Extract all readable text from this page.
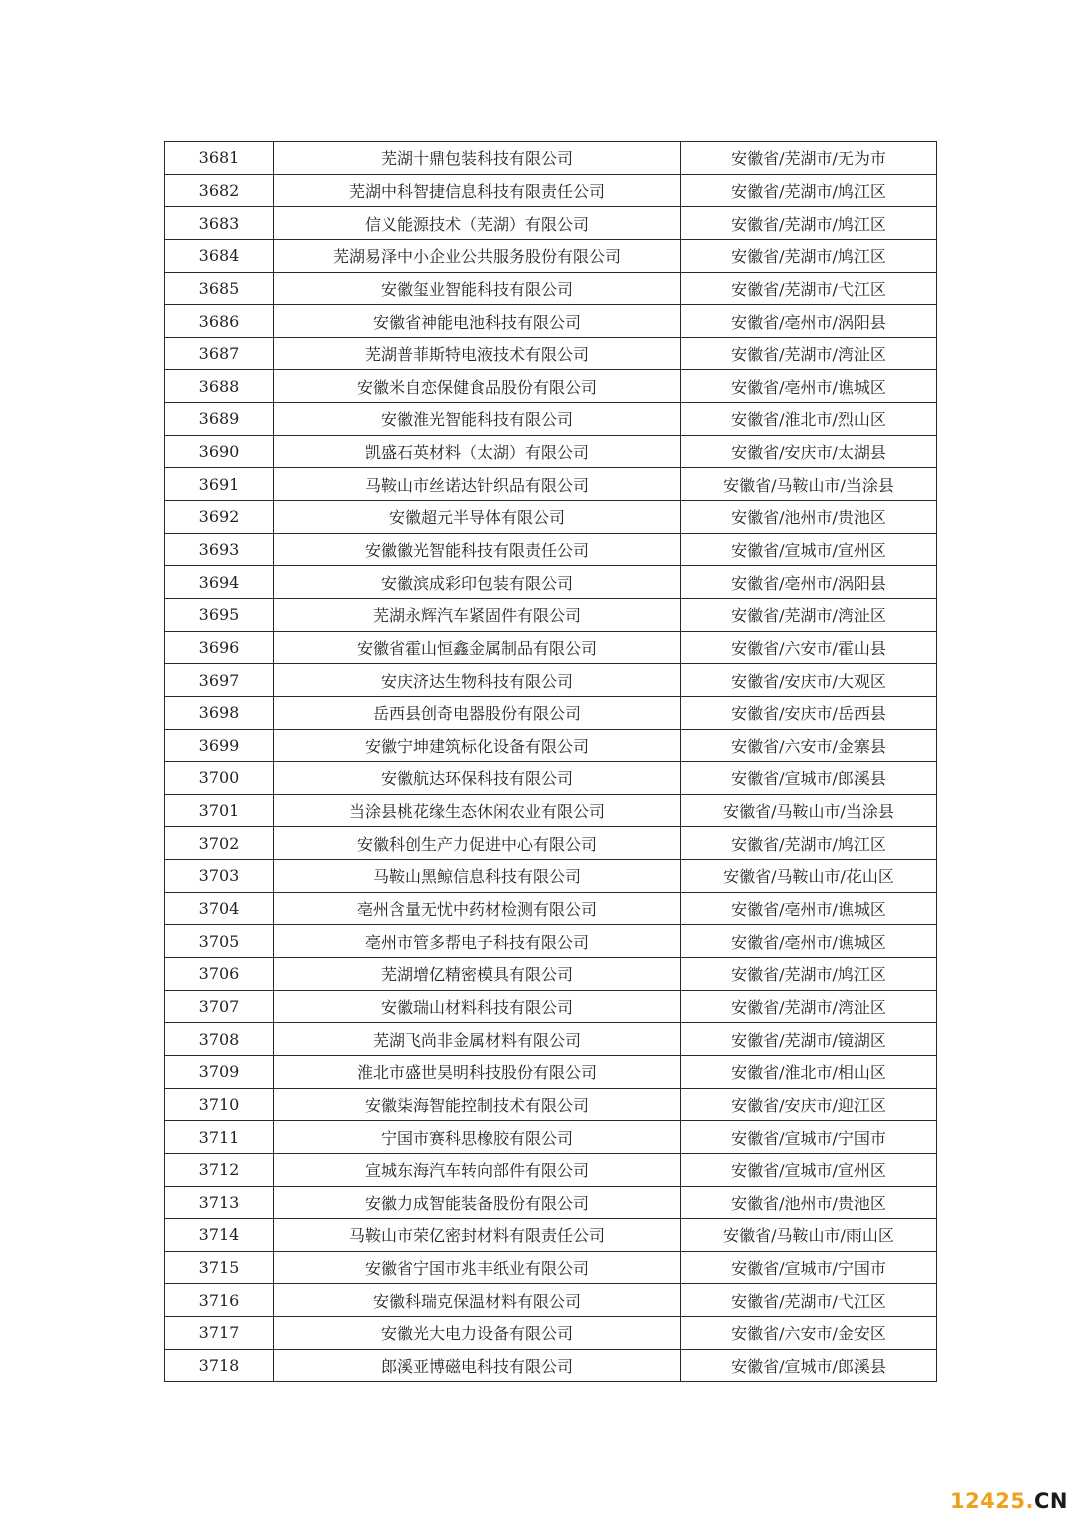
3681	芜湖十鼎包装科技有限公司	安徽省/芜湖市/无为市
3682	芜湖中科智捷信息科技有限责任公司	安徽省/芜湖市/鸠江区
3683	信义能源技术（芜湖）有限公司	安徽省/芜湖市/鸠江区
3684	芜湖易泽中小企业公共服务股份有限公司	安徽省/芜湖市/鸠江区
3685	安徽玺业智能科技有限公司	安徽省/芜湖市/弋江区
3686	安徽省神能电池科技有限公司	安徽省/亳州市/涡阳县
3687	芜湖普菲斯特电液技术有限公司	安徽省/芜湖市/湾沚区
3688	安徽米自恋保健食品股份有限公司	安徽省/亳州市/谯城区
3689	安徽淮光智能科技有限公司	安徽省/淮北市/烈山区
3690	凯盛石英材料（太湖）有限公司	安徽省/安庆市/太湖县
3691	马鞍山市丝诺达针织品有限公司	安徽省/马鞍山市/当涂县
3692	安徽超元半导体有限公司	安徽省/池州市/贵池区
3693	安徽徽光智能科技有限责任公司	安徽省/宣城市/宣州区
3694	安徽滨成彩印包装有限公司	安徽省/亳州市/涡阳县
3695	芜湖永辉汽车紧固件有限公司	安徽省/芜湖市/湾沚区
3696	安徽省霍山恒鑫金属制品有限公司	安徽省/六安市/霍山县
3697	安庆济达生物科技有限公司	安徽省/安庆市/大观区
3698	岳西县创奇电器股份有限公司	安徽省/安庆市/岳西县
3699	安徽宁坤建筑标化设备有限公司	安徽省/六安市/金寨县
3700	安徽航达环保科技有限公司	安徽省/宣城市/郎溪县
3701	当涂县桃花缘生态休闲农业有限公司	安徽省/马鞍山市/当涂县
3702	安徽科创生产力促进中心有限公司	安徽省/芜湖市/鸠江区
3703	马鞍山黑鲸信息科技有限公司	安徽省/马鞍山市/花山区
3704	亳州含量无忧中药材检测有限公司	安徽省/亳州市/谯城区
3705	亳州市管多帮电子科技有限公司	安徽省/亳州市/谯城区
3706	芜湖增亿精密模具有限公司	安徽省/芜湖市/鸠江区
3707	安徽瑞山材料科技有限公司	安徽省/芜湖市/湾沚区
3708	芜湖飞尚非金属材料有限公司	安徽省/芜湖市/镜湖区
3709	淮北市盛世昊明科技股份有限公司	安徽省/淮北市/相山区
3710	安徽柒海智能控制技术有限公司	安徽省/安庆市/迎江区
3711	宁国市赛科思橡胶有限公司	安徽省/宣城市/宁国市
3712	宣城东海汽车转向部件有限公司	安徽省/宣城市/宣州区
3713	安徽力成智能装备股份有限公司	安徽省/池州市/贵池区
3714	马鞍山市荣亿密封材料有限责任公司	安徽省/马鞍山市/雨山区
3715	安徽省宁国市兆丰纸业有限公司	安徽省/宣城市/宁国市
3716	安徽科瑞克保温材料有限公司	安徽省/芜湖市/弋江区
3717	安徽光大电力设备有限公司	安徽省/六安市/金安区
3718	郎溪亚博磁电科技有限公司	安徽省/宣城市/郎溪县
12425.CN
